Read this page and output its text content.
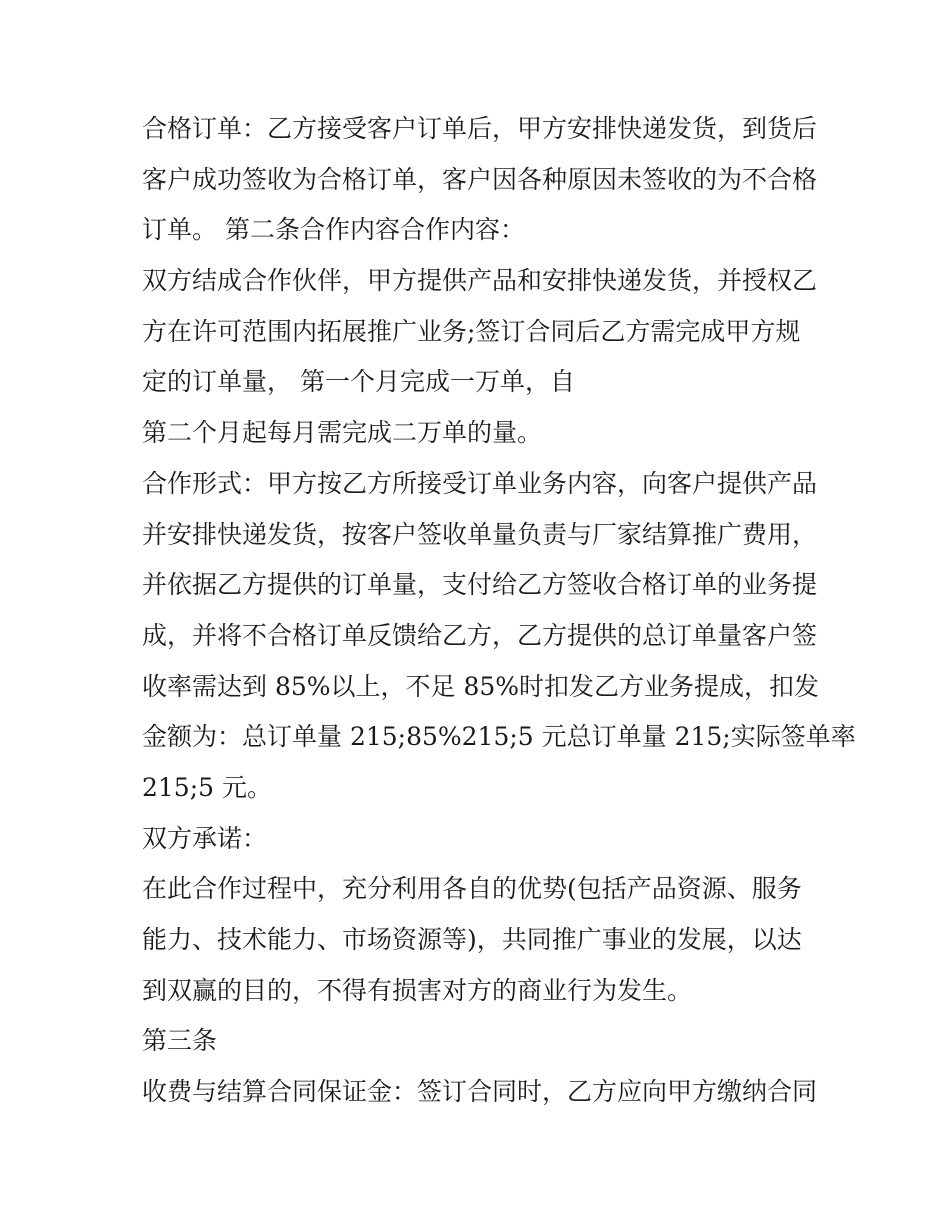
合格订单：乙方接受客户订单后，甲方安排快递发货，到货后
客户成功签收为合格订单，客户因各种原因未签收的为不合格
订单。 第二条合作内容合作内容：
双方结成合作伙伴，甲方提供产品和安排快递发货，并授权乙
方在许可范围内拓展推广业务;签订合同后乙方需完成甲方规
定的订单量， 第一个月完成一万单，自
第二个月起每月需完成二万单的量。
合作形式：甲方按乙方所接受订单业务内容，向客户提供产品
并安排快递发货，按客户签收单量负责与厂家结算推广费用，
并依据乙方提供的订单量，支付给乙方签收合格订单的业务提
成，并将不合格订单反馈给乙方，乙方提供的总订单量客户签
收率需达到 85%以上，不足 85%时扣发乙方业务提成，扣发
金额为：总订单量 215;85%215;5 元总订单量 215;实际签单率
215;5 元。
双方承诺：
在此合作过程中，充分利用各自的优势(包括产品资源、服务
能力、技术能力、市场资源等)，共同推广事业的发展，以达
到双赢的目的，不得有损害对方的商业行为发生。
第三条
收费与结算合同保证金：签订合同时，乙方应向甲方缴纳合同
